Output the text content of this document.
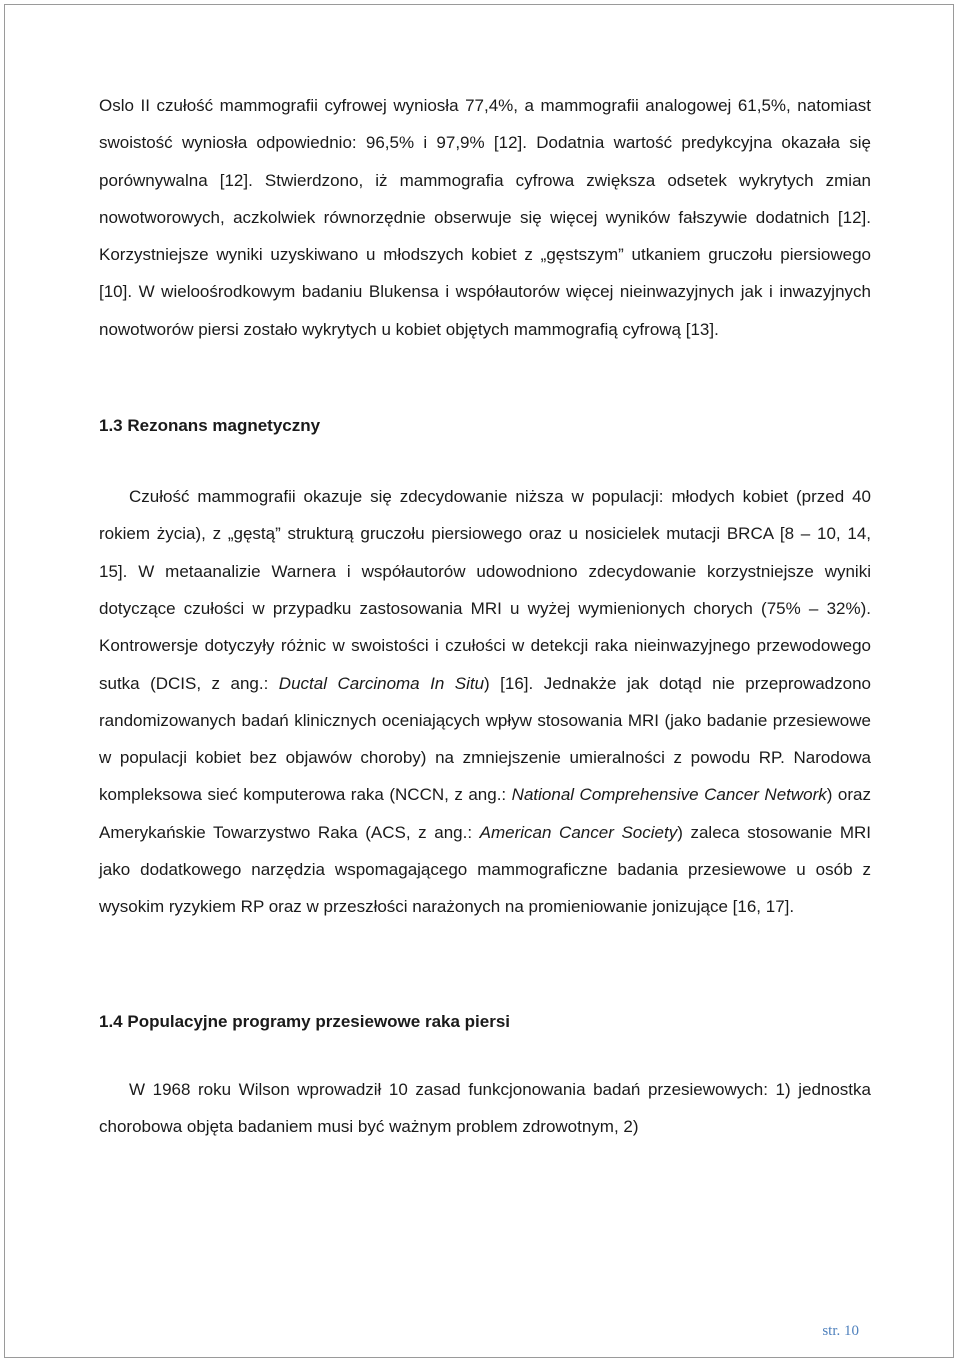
Oslo II czułość mammografii cyfrowej wyniosła 77,4%, a mammografii analogowej 61,5%, natomiast swoistość wyniosła odpowiednio: 96,5% i 97,9% [12]. Dodatnia wartość predykcyjna okazała się porównywalna [12]. Stwierdzono, iż mammografia cyfrowa zwiększa odsetek wykrytych zmian nowotworowych, aczkolwiek równorzędnie obserwuje się więcej wyników fałszywie dodatnich [12]. Korzystniejsze wyniki uzyskiwano u młodszych kobiet z „gęstszym” utkaniem gruczołu piersiowego [10]. W wieloośrodkowym badaniu Blukensa i współautorów więcej nieinwazyjnych jak i inwazyjnych nowotworów piersi zostało wykrytych u kobiet objętych mammografią cyfrową [13].

1.3 Rezonans magnetyczny

Czułość mammografii okazuje się zdecydowanie niższa w populacji: młodych kobiet (przed 40 rokiem życia), z „gęstą” strukturą gruczołu piersiowego oraz u nosicielek mutacji BRCA [8 – 10, 14, 15]. W metaanalizie Warnera i współautorów udowodniono zdecydowanie korzystniejsze wyniki dotyczące czułości w przypadku zastosowania MRI u wyżej wymienionych chorych (75% – 32%). Kontrowersje dotyczyły różnic w swoistości i czułości w detekcji raka nieinwazyjnego przewodowego sutka (DCIS, z ang.: Ductal Carcinoma In Situ) [16]. Jednakże jak dotąd nie przeprowadzono randomizowanych badań klinicznych oceniających wpływ stosowania MRI (jako badanie przesiewowe w populacji kobiet bez objawów choroby) na zmniejszenie umieralności z powodu RP. Narodowa kompleksowa sieć komputerowa raka (NCCN, z ang.: National Comprehensive Cancer Network) oraz Amerykańskie Towarzystwo Raka (ACS, z ang.: American Cancer Society) zaleca stosowanie MRI jako dodatkowego narzędzia wspomagającego mammograficzne badania przesiewowe u osób z wysokim ryzykiem RP oraz w przeszłości narażonych na promieniowanie jonizujące [16, 17].

1.4 Populacyjne programy przesiewowe raka piersi

W 1968 roku Wilson wprowadził 10 zasad funkcjonowania badań przesiewowych: 1) jednostka chorobowa objęta badaniem musi być ważnym problem zdrowotnym, 2)

str. 10
